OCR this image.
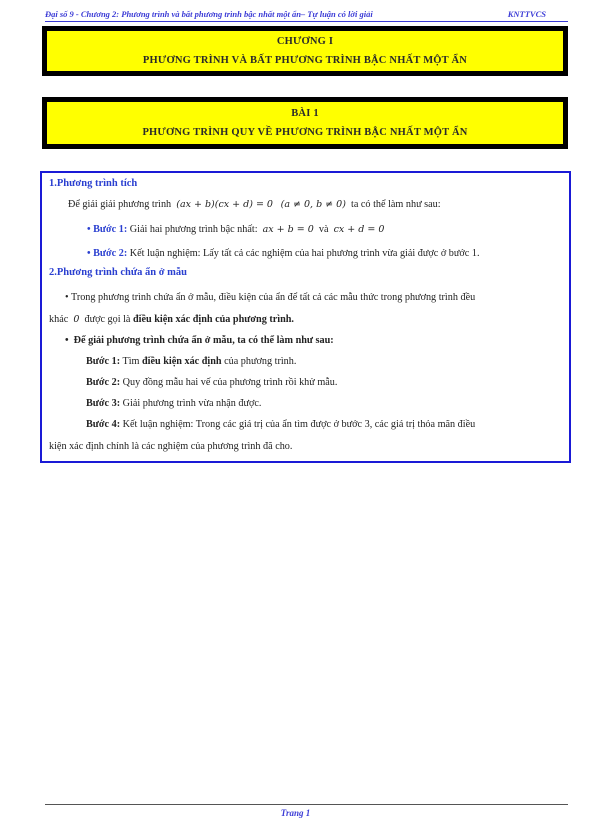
Đại số 9 - Chương 2: Phương trình và bất phương trình bậc nhất một ẩn– Tự luận có lời giải	KNTTVCS
CHƯƠNG I
PHƯƠNG TRÌNH VÀ BẤT PHƯƠNG TRÌNH BẬC NHẤT MỘT ẨN
BÀI 1
PHƯƠNG TRÌNH QUY VỀ PHƯƠNG TRÌNH BẬC NHẤT MỘT ẨN
1.Phương trình tích
Để giải giải phương trình (ax + b)(cx + d) = 0 (a ≠ 0, b ≠ 0) ta có thể làm như sau:
• Bước 1: Giải hai phương trình bậc nhất: ax + b = 0 và cx + d = 0
• Bước 2: Kết luận nghiệm: Lấy tất cả các nghiệm của hai phương trình vừa giải được ở bước 1.
2.Phương trình chứa ẩn ở mẫu
• Trong phương trình chứa ẩn ở mẫu, điều kiện của ẩn để tất cả các mẫu thức trong phương trình đều
khác 0 được gọi là điều kiện xác định của phương trình.
• Để giải phương trình chứa ẩn ở mẫu, ta có thể làm như sau:
Bước 1: Tìm điều kiện xác định của phương trình.
Bước 2: Quy đồng mẫu hai vế của phương trình rồi khử mẫu.
Bước 3: Giải phương trình vừa nhận được.
Bước 4: Kết luận nghiệm: Trong các giá trị của ẩn tìm được ở bước 3, các giá trị thỏa mãn điều
kiện xác định chính là các nghiệm của phương trình đã cho.
Trang 1
